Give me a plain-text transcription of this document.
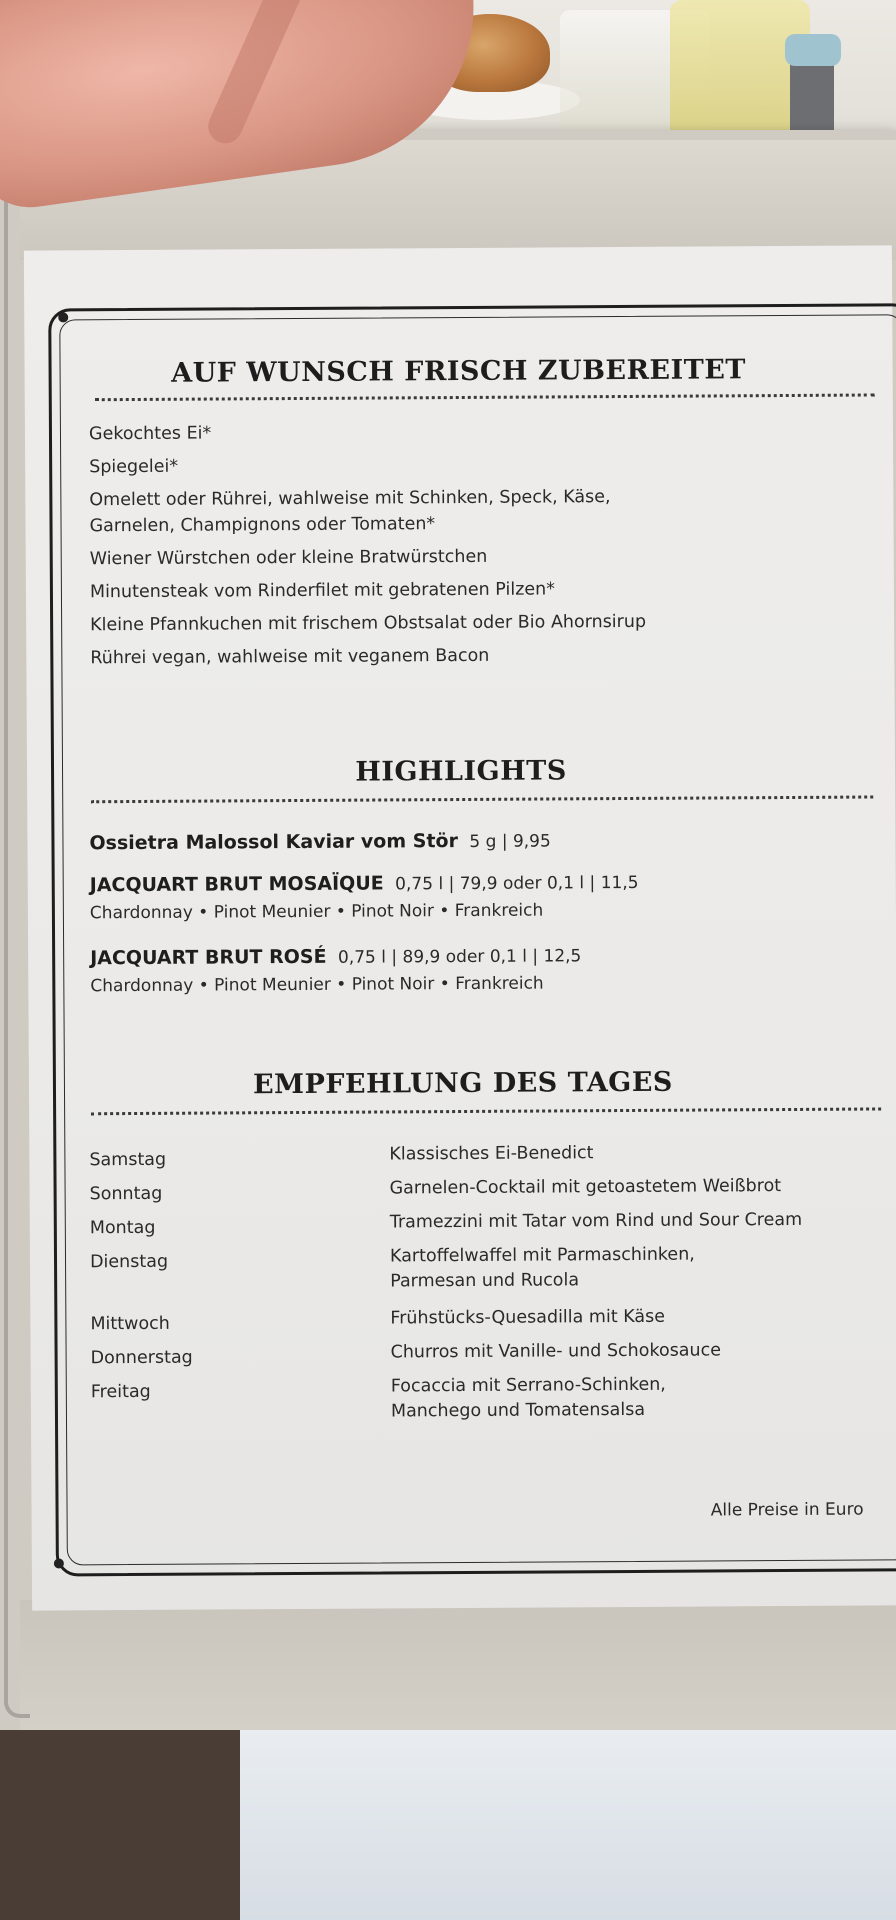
AUF WUNSCH FRISCH ZUBEREITET
Gekochtes Ei*
Spiegelei*
Omelett oder Rührei, wahlweise mit Schinken, Speck, Käse,
Garnelen, Champignons oder Tomaten*
Wiener Würstchen oder kleine Bratwürstchen
Minutensteak vom Rinderfilet mit gebratenen Pilzen*
Kleine Pfannkuchen mit frischem Obstsalat oder Bio Ahornsirup
Rührei vegan, wahlweise mit veganem Bacon
HIGHLIGHTS
Ossietra Malossol Kaviar vom Stör 5 g | 9,95
JACQUART BRUT MOSAÏQUE 0,75 l | 79,9 oder 0,1 l | 11,5
Chardonnay • Pinot Meunier • Pinot Noir • Frankreich
JACQUART BRUT ROSÉ 0,75 l | 89,9 oder 0,1 l | 12,5
Chardonnay • Pinot Meunier • Pinot Noir • Frankreich
EMPFEHLUNG DES TAGES
Samstag	Klassisches Ei-Benedict
Sonntag	Garnelen-Cocktail mit getoastetem Weißbrot
Montag	Tramezzini mit Tatar vom Rind und Sour Cream
Dienstag	Kartoffelwaffel mit Parmaschinken,
Parmesan und Rucola
Mittwoch	Frühstücks-Quesadilla mit Käse
Donnerstag	Churros mit Vanille- und Schokosauce
Freitag	Focaccia mit Serrano-Schinken,
Manchego und Tomatensalsa
Alle Preise in Euro
